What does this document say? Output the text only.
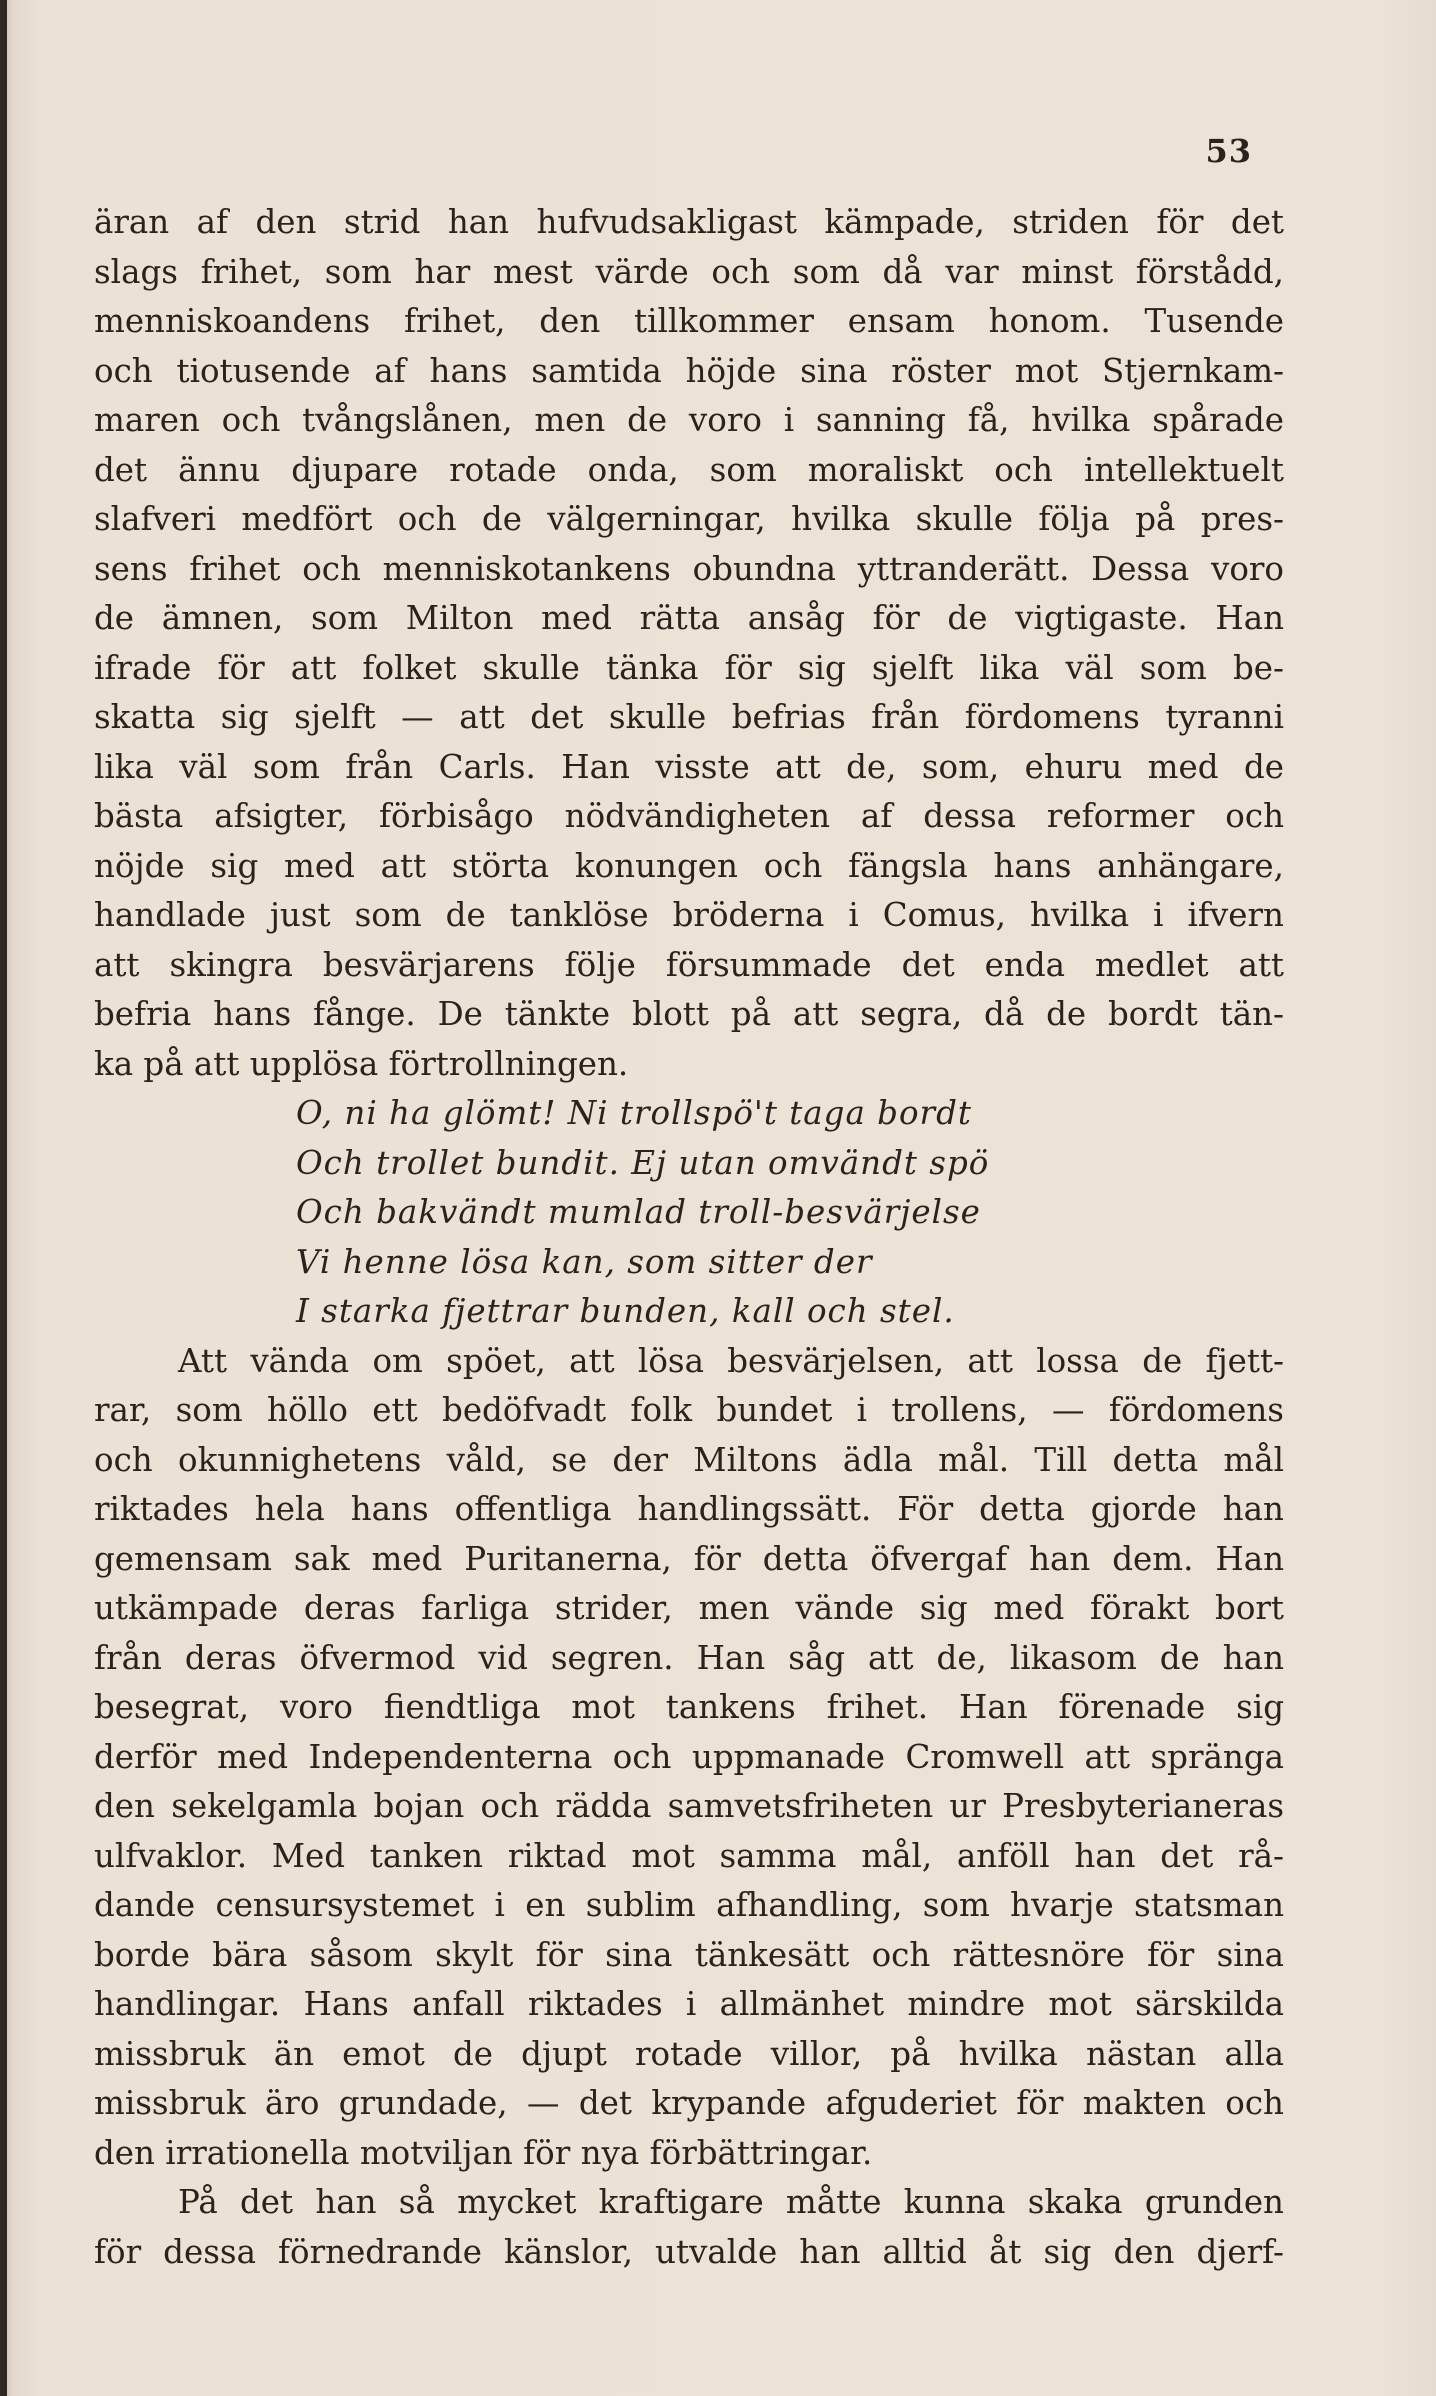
53
äran af den strid han hufvudsakligast kämpade, striden för det
slags frihet, som har mest värde och som då var minst förstådd,
menniskoandens frihet, den tillkommer ensam honom. Tusende
och tiotusende af hans samtida höjde sina röster mot Stjernkam-
maren och tvångslånen, men de voro i sanning få, hvilka spårade
det ännu djupare rotade onda, som moraliskt och intellektuelt
slafveri medfört och de välgerningar, hvilka skulle följa på pres-
sens frihet och menniskotankens obundna yttranderätt. Dessa voro
de ämnen, som Milton med rätta ansåg för de vigtigaste. Han
ifrade för att folket skulle tänka för sig sjelft lika väl som be-
skatta sig sjelft — att det skulle befrias från fördomens tyranni
lika väl som från Carls. Han visste att de, som, ehuru med de
bästa afsigter, förbisågo nödvändigheten af dessa reformer och
nöjde sig med att störta konungen och fängsla hans anhängare,
handlade just som de tanklöse bröderna i Comus, hvilka i ifvern
att skingra besvärjarens följe försummade det enda medlet att
befria hans fånge. De tänkte blott på att segra, då de bordt tän-
ka på att upplösa förtrollningen.
O, ni ha glömt! Ni trollspö't taga bordt
Och trollet bundit. Ej utan omvändt spö
Och bakvändt mumlad troll-besvärjelse
Vi henne lösa kan, som sitter der
I starka fjettrar bunden, kall och stel.
Att vända om spöet, att lösa besvärjelsen, att lossa de fjett-
rar, som höllo ett bedöfvadt folk bundet i trollens, — fördomens
och okunnighetens våld, se der Miltons ädla mål. Till detta mål
riktades hela hans offentliga handlingssätt. För detta gjorde han
gemensam sak med Puritanerna, för detta öfvergaf han dem. Han
utkämpade deras farliga strider, men vände sig med förakt bort
från deras öfvermod vid segren. Han såg att de, likasom de han
besegrat, voro fiendtliga mot tankens frihet. Han förenade sig
derför med Independenterna och uppmanade Cromwell att spränga
den sekelgamla bojan och rädda samvetsfriheten ur Presbyterianeras
ulfvaklor. Med tanken riktad mot samma mål, anföll han det rå-
dande censursystemet i en sublim afhandling, som hvarje statsman
borde bära såsom skylt för sina tänkesätt och rättesnöre för sina
handlingar. Hans anfall riktades i allmänhet mindre mot särskilda
missbruk än emot de djupt rotade villor, på hvilka nästan alla
missbruk äro grundade, — det krypande afguderiet för makten och
den irrationella motviljan för nya förbättringar.
På det han så mycket kraftigare måtte kunna skaka grunden
för dessa förnedrande känslor, utvalde han alltid åt sig den djerf-
